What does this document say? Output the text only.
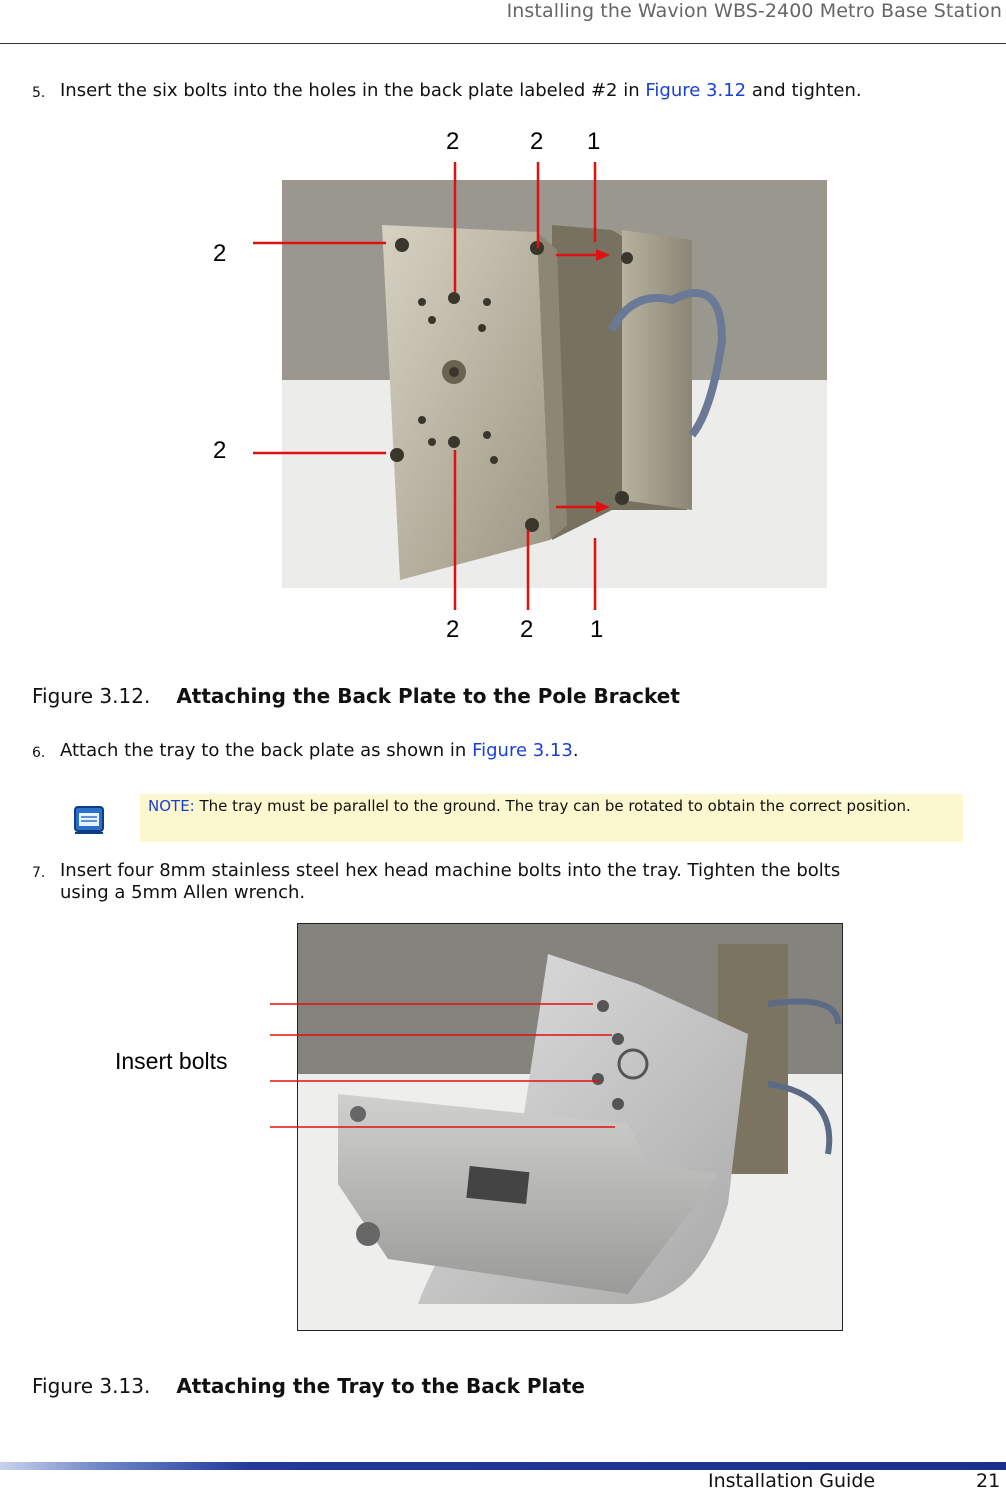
Installing the Wavion WBS-2400 Metro Base Station
5. Insert the six bolts into the holes in the back plate labeled #2 in Figure 3.12 and tighten.
2	2 1
2
2
2	2 1
Figure 3.12. Attaching the Back Plate to the Pole Bracket
6. Attach the tray to the back plate as shown in Figure 3.13.
NOTE: The tray must be parallel to the ground. The tray can be rotated to obtain the correct position.
7. Insert four 8mm stainless steel hex head machine bolts into the tray. Tighten the bolts
using a 5mm Allen wrench.
Insert bolts
Figure 3.13. Attaching the Tray to the Back Plate
Installation Guide	21
